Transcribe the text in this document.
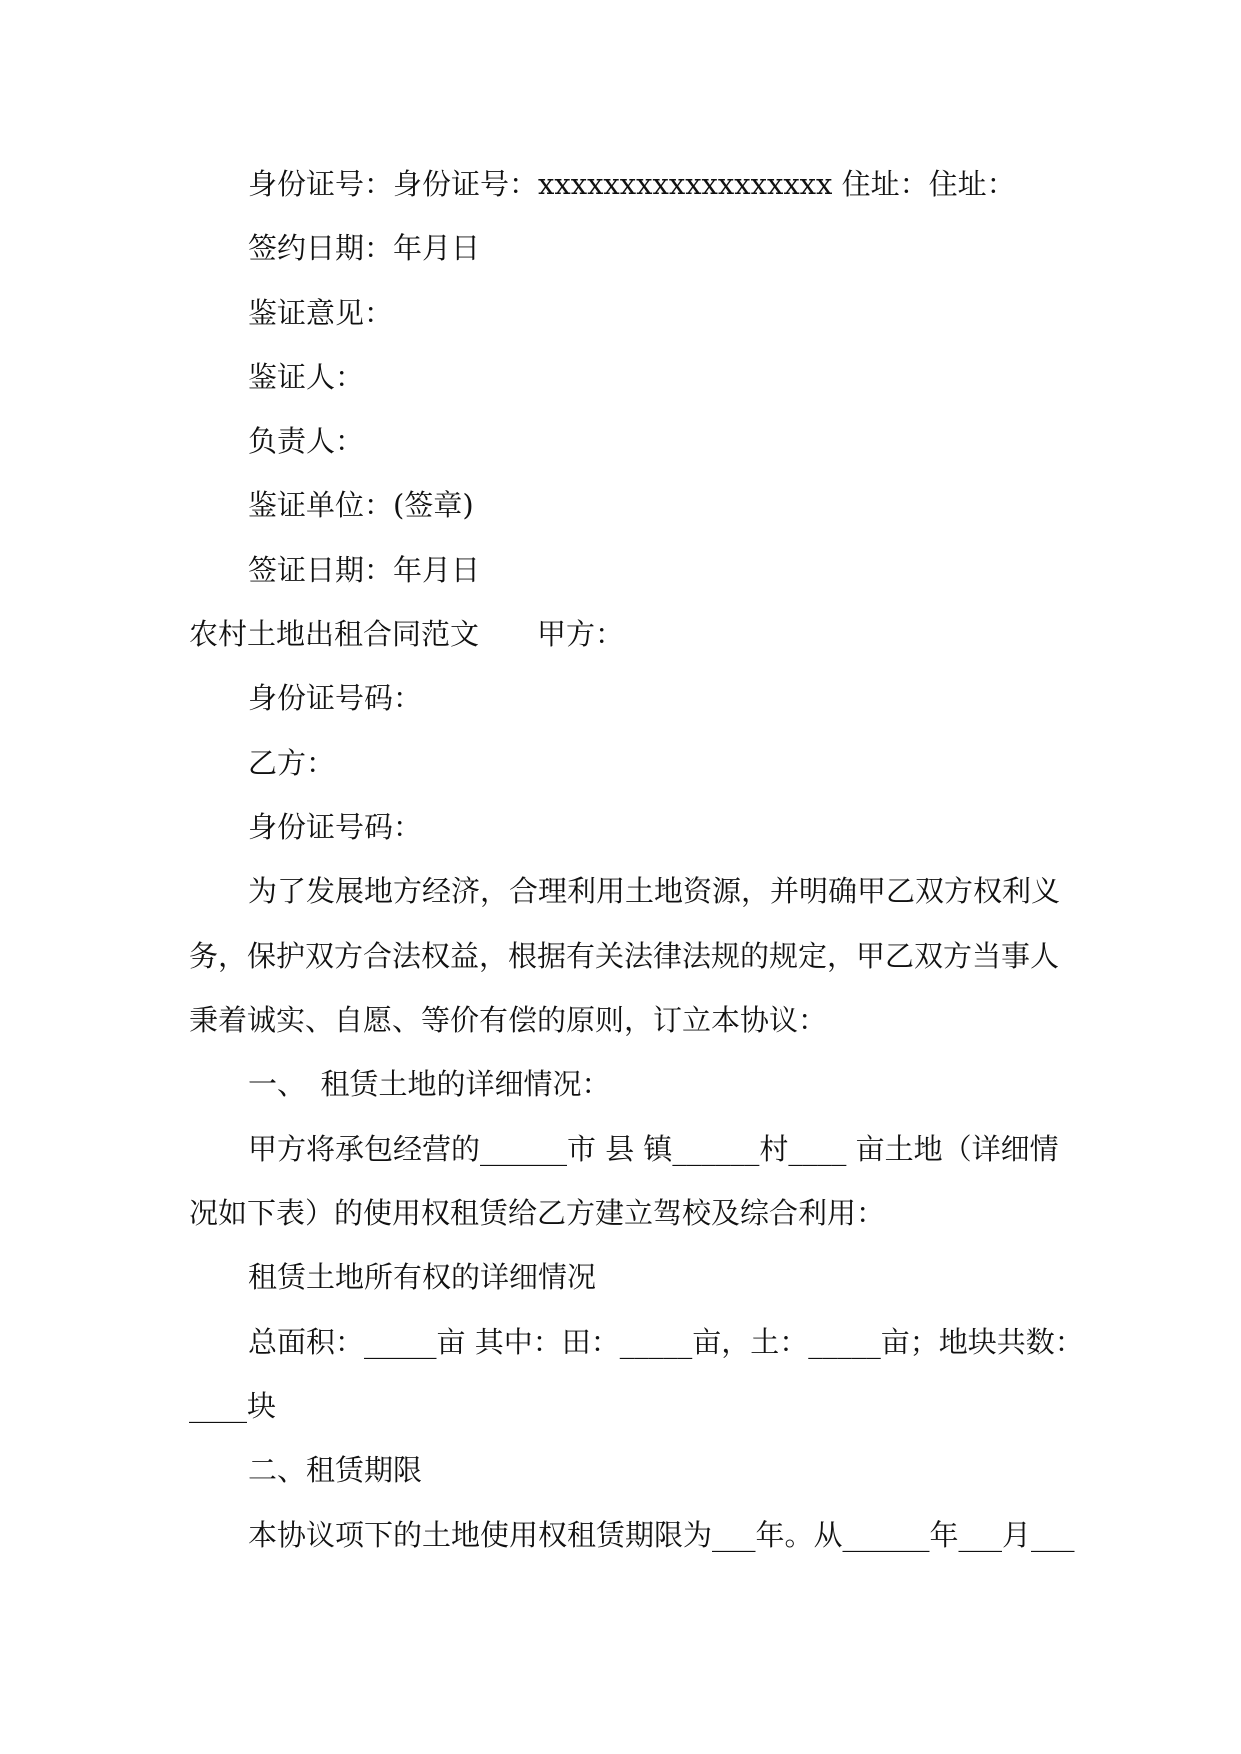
身份证号：身份证号：xxxxxxxxxxxxxxxxxx 住址：住址：
签约日期：年月日
鉴证意见：
鉴证人：
负责人：
鉴证单位：(签章)
签证日期：年月日
农村土地出租合同范文　　甲方：
身份证号码：
乙方：
身份证号码：
为了发展地方经济，合理利用土地资源，并明确甲乙双方权利义
务，保护双方合法权益，根据有关法律法规的规定，甲乙双方当事人
秉着诚实、自愿、等价有偿的原则，订立本协议：
一、　租赁土地的详细情况：
甲方将承包经营的______市 县 镇______村____ 亩土地（详细情
况如下表）的使用权租赁给乙方建立驾校及综合利用：
租赁土地所有权的详细情况
总面积：_____亩 其中：田：_____亩，土：_____亩；地块共数：
____块
二、租赁期限
本协议项下的土地使用权租赁期限为___年。从______年___月___
